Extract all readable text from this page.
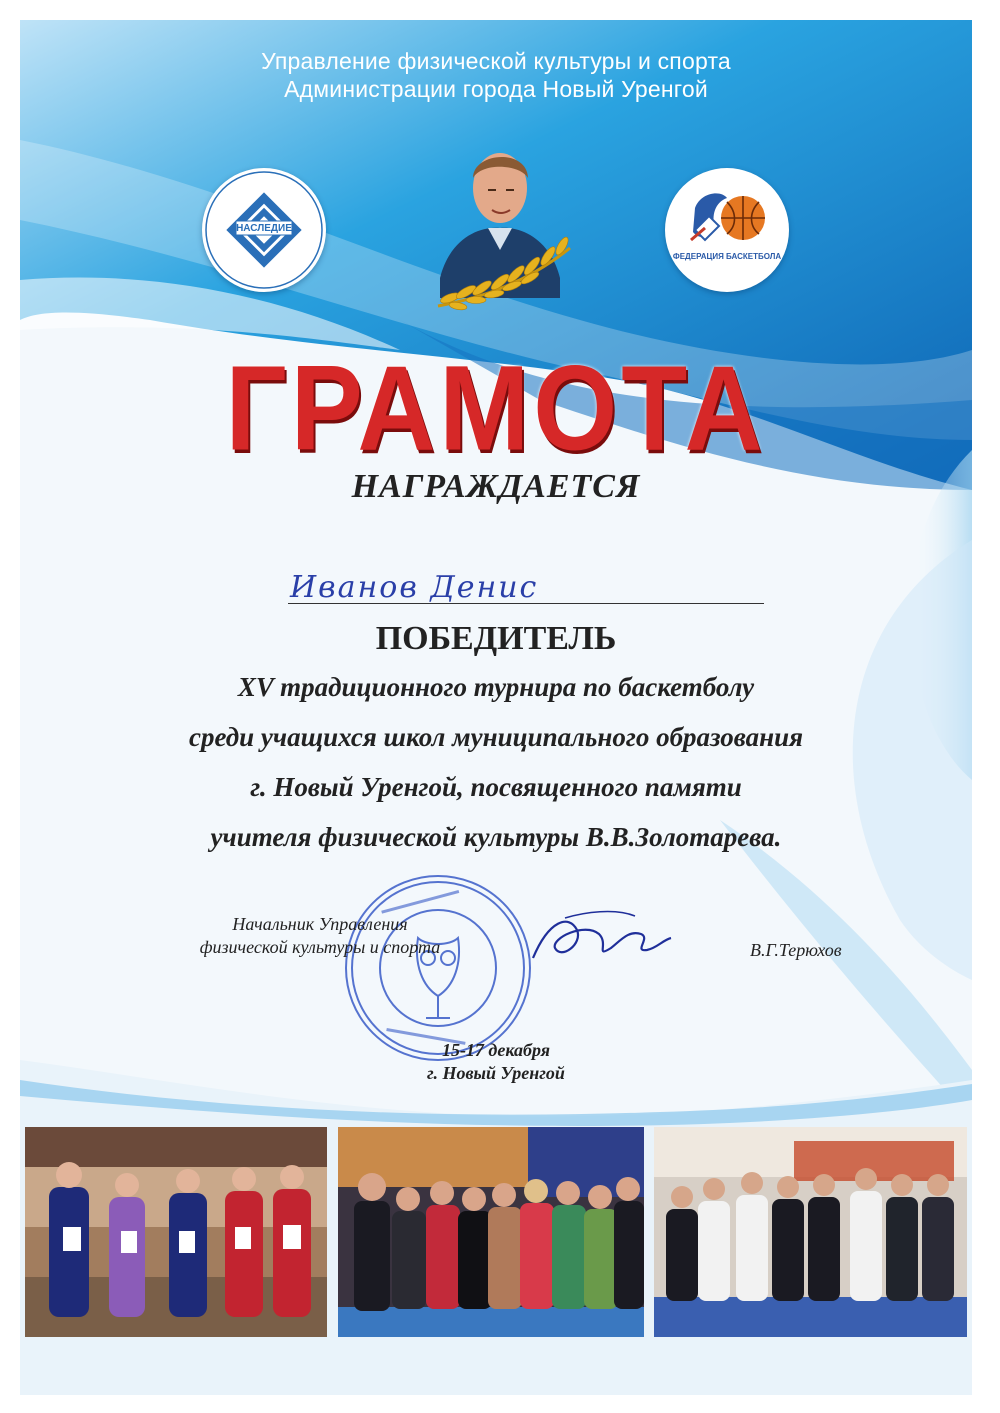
Управление физической культуры и спорта
Администрации города Новый Уренгой
НАСЛЕДИЕ
ФЕДЕРАЦИЯ БАСКЕТБОЛА
ГРАМОТА
НАГРАЖДАЕТСЯ
Иванов Денис
ПОБЕДИТЕЛЬ
XV традиционного турнира по баскетболу
среди учащихся школ муниципального образования
г. Новый Уренгой, посвященного памяти
учителя физической культуры В.В.Золотарева.
Начальник Управления
физической культуры и спорта	В.Г.Терюхов
15-17 декабря
г. Новый Уренгой
